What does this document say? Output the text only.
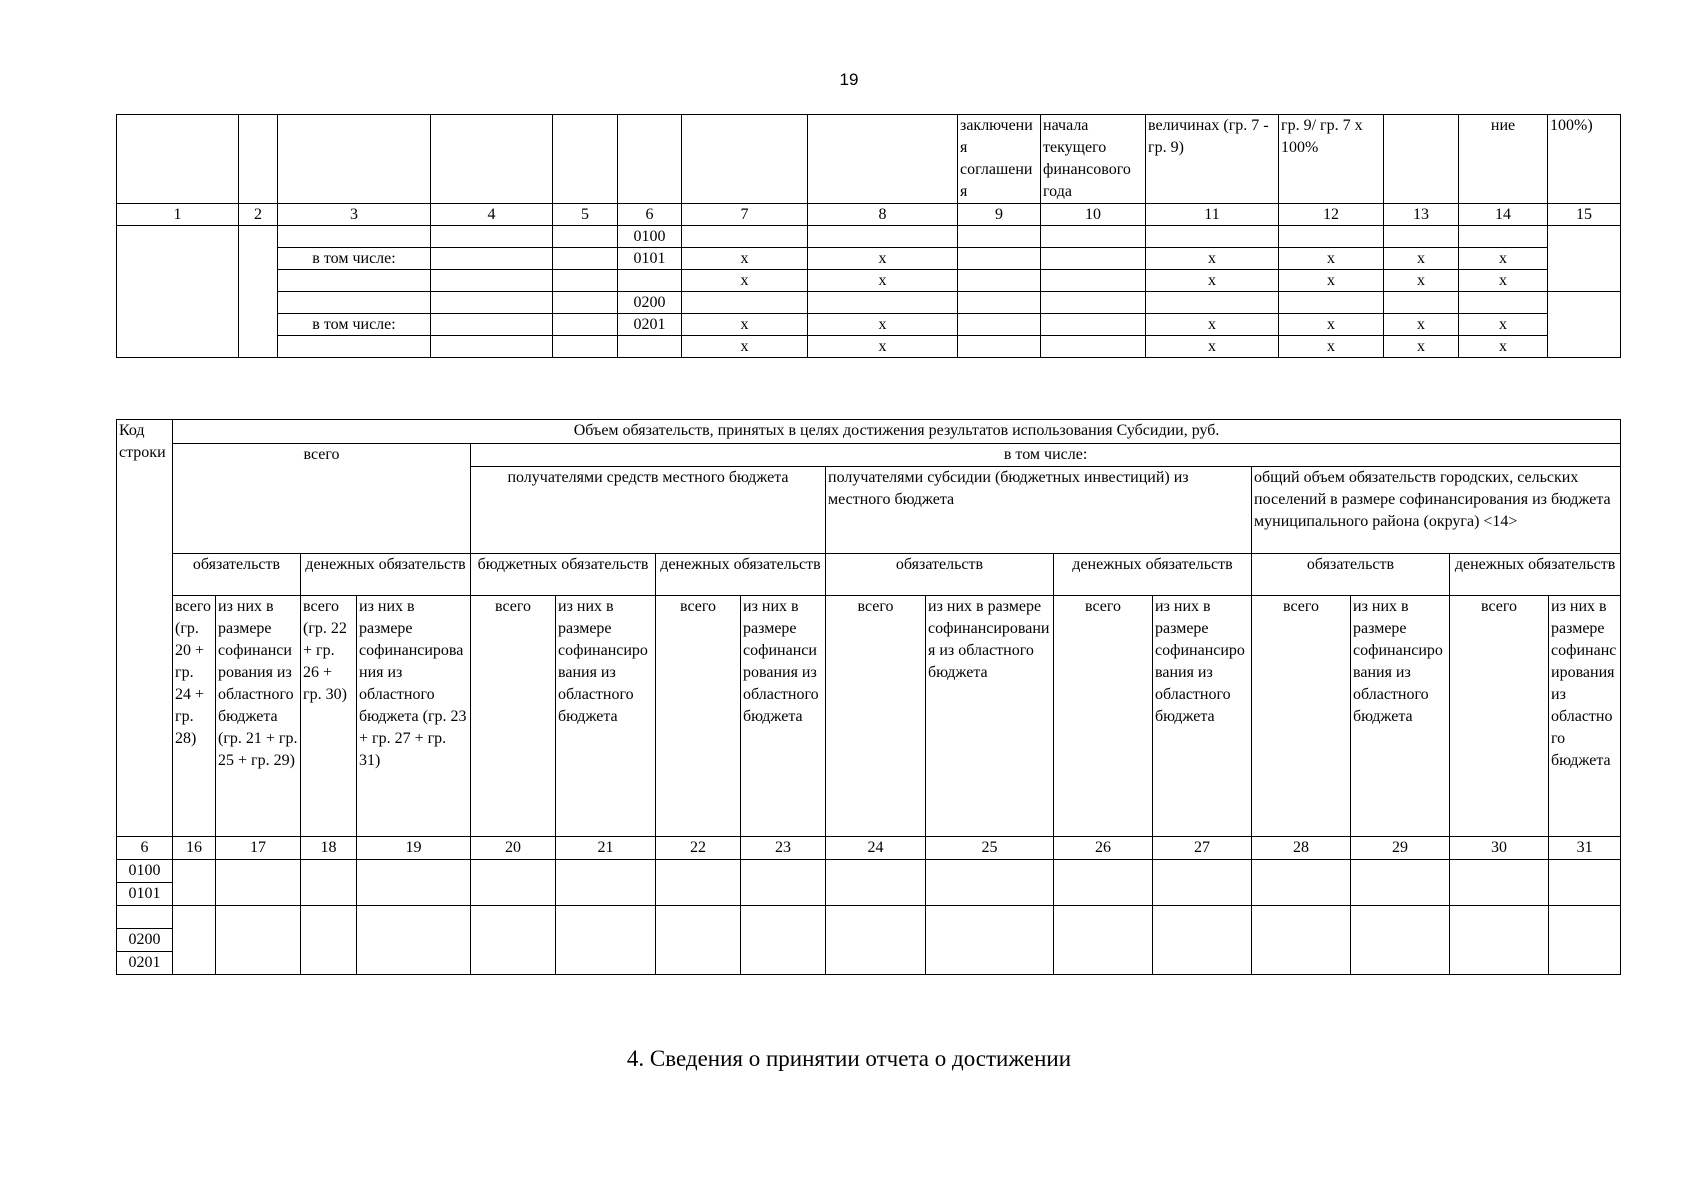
19
								заключения соглашения	начала текущего финансового года	величинах (гр. 7 - гр. 9)	гр. 9/ гр. 7 x 100%		ние	100%)
1	2	3	4	5	6	7	8	9	10	11	12	13	14	15
					0100									
		в том числе:			0101	x	x			x	x	x	x	
						x	x			x	x	x	x	
					0200									
		в том числе:			0201	x	x			x	x	x	x	
						x	x			x	x	x	x	
Код строки	Объем обязательств, принятых в целях достижения результатов использования Субсидии, руб.															
	всего				в том числе:											
					получателями средств местного бюджета				получателями субсидии (бюджетных инвестиций) из местного бюджета				общий объем обязательств городских, сельских поселений в размере софинансирования из бюджета муниципального района (округа) <14>			
	обязательств		денежных обязательств		бюджетных обязательств		денежных обязательств		обязательств		денежных обязательств		обязательств		денежных обязательств	
	всего (гр. 20 + гр. 24 + гр. 28)	из них в размере софинансирования из областного бюджета (гр. 21 + гр. 25 + гр. 29)	всего (гр. 22 + гр. 26 + гр. 30)	из них в размере софинансирования из областного бюджета (гр. 23 + гр. 27 + гр. 31)	всего	из них в размере софинансирования из областного бюджета	всего	из них в размере софинансирования из областного бюджета	всего	из них в размере софинансирования из областного бюджета	всего	из них в размере софинансирования из областного бюджета	всего	из них в размере софинансирования из областного бюджета	всего	из них в размере софинансирования из областного бюджета
6	16	17	18	19	20	21	22	23	24	25	26	27	28	29	30	31
0100																
0101																

0200																
0201																
4. Сведения о принятии отчета о достижении
